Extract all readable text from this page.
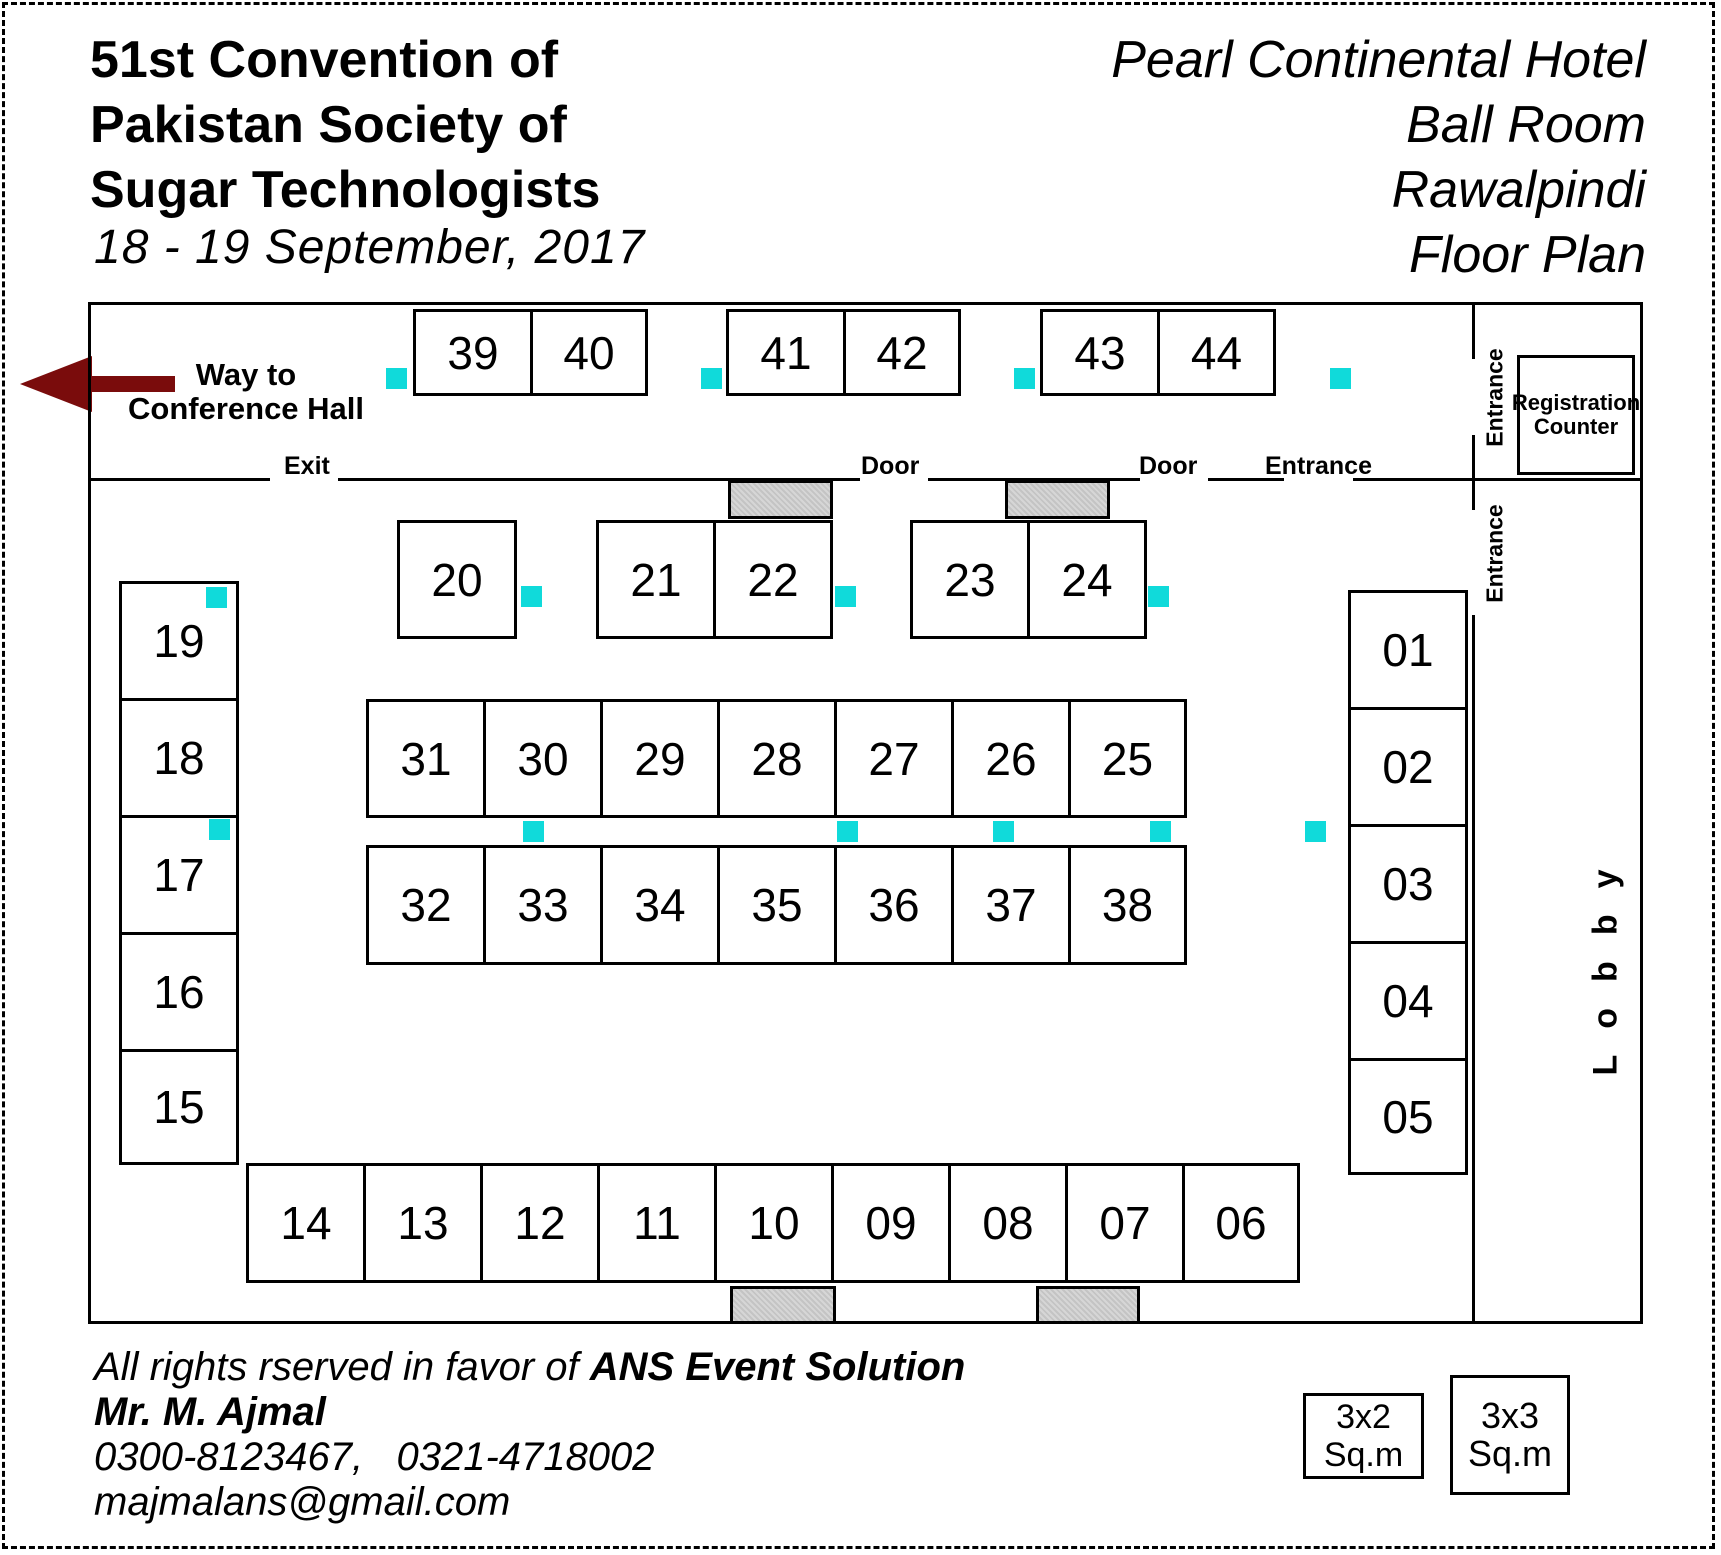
51st Convention of
Pakistan Society of
Sugar Technologists
18 - 19 September, 2017
Pearl Continental Hotel
Ball Room
Rawalpindi
Floor Plan
Way to
Conference Hall
Exit	Door	Door	Entrance
Entrance
Entrance
Registration
Counter
Lobby
39	40	41	42	43	44
20	21	22	23	24
31	30	29	28	27	26	25
32	33	34	35	36	37	38
19
18
17
16
15
01
02
03
04
05
14	13	12	11	10	09	08	07	06
All rights rserved in favor of ANS Event Solution
Mr. M. Ajmal
0300-8123467, 0321-4718002
majmalans@gmail.com
3x2
Sq.m
3x3
Sq.m
